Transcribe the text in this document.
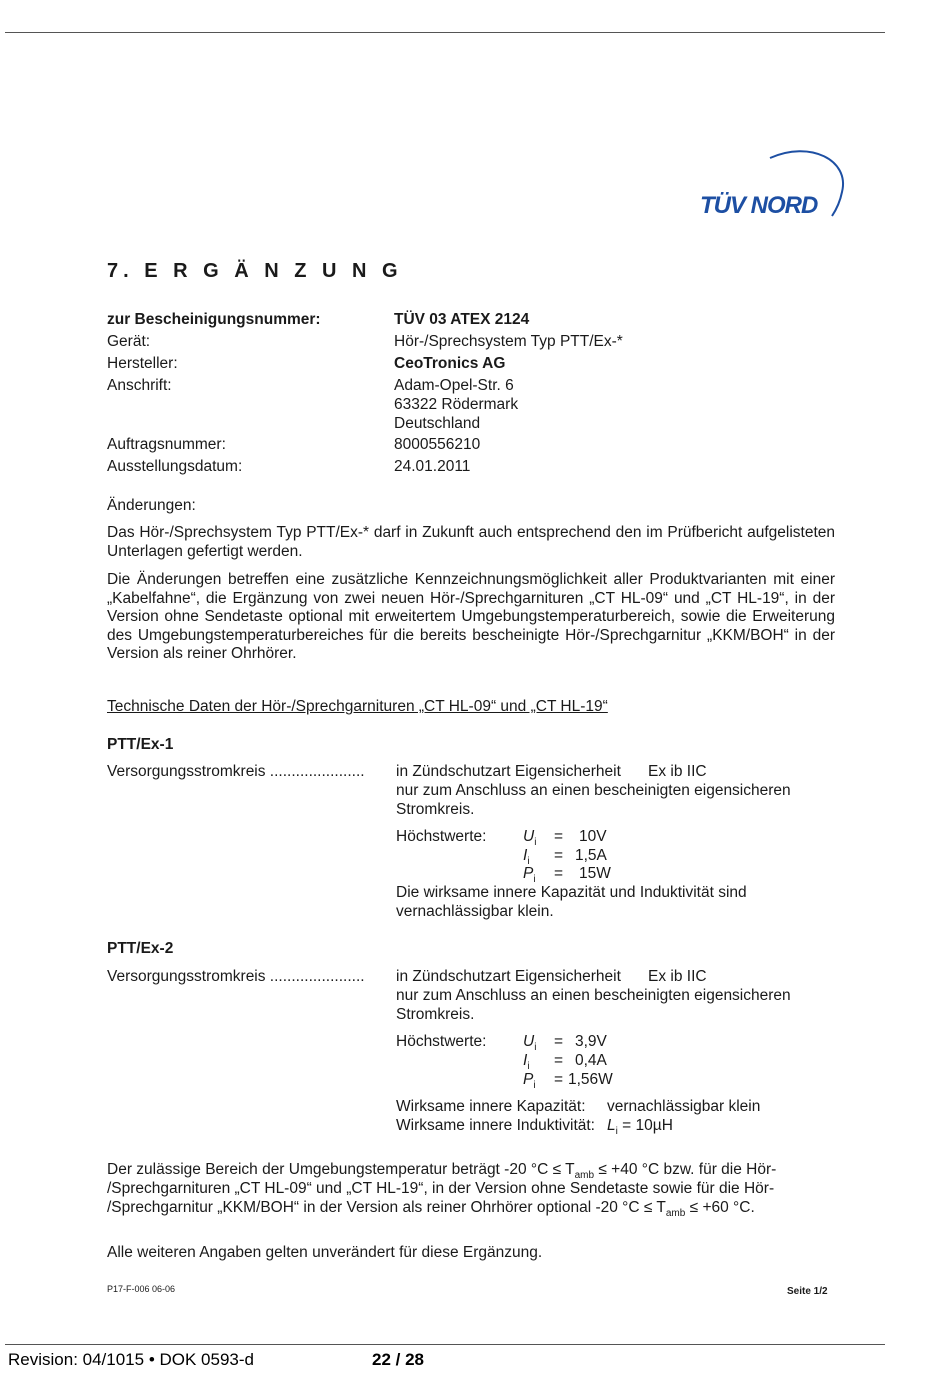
TÜV NORD
7. E R G Ä N Z U N G
zur Bescheinigungsnummer:	TÜV 03 ATEX 2124
Gerät:	Hör-/Sprechsystem Typ PTT/Ex-*
Hersteller:	CeoTronics AG
Anschrift:	Adam-Opel-Str. 6
63322 Rödermark
Deutschland
Auftragsnummer:	8000556210
Ausstellungsdatum:	24.01.2011
Änderungen:
Das Hör-/Sprechsystem Typ PTT/Ex-* darf in Zukunft auch entsprechend den im Prüfbericht aufgelisteten Unterlagen gefertigt werden.
Die Änderungen betreffen eine zusätzliche Kennzeichnungsmöglichkeit aller Produktvarianten mit einer „Kabelfahne“, die Ergänzung von zwei neuen Hör-/Sprechgarnituren „CT HL-09“ und „CT HL-19“, in der Version ohne Sendetaste optional mit erweitertem Umgebungstemperaturbereich, sowie die Erweiterung des Umgebungstemperaturbereiches für die bereits bescheinigte Hör-/Sprechgarnitur „KKM/BOH“ in der Version als reiner Ohrhörer.
Technische Daten der Hör-/Sprechgarnituren „CT HL-09“ und „CT HL-19“
PTT/Ex-1
Versorgungsstromkreis ...................... in Zündschutzart Eigensicherheit Ex ib IIC
nur zum Anschluss an einen bescheinigten eigensicheren
Stromkreis.
Höchstwerte: $U_i = 10V$
$I_i = 1,5A$
$P_i = 15W$
Die wirksame innere Kapazität und Induktivität sind
vernachlässigbar klein.
PTT/Ex-2
Versorgungsstromkreis ...................... in Zündschutzart Eigensicherheit Ex ib IIC
nur zum Anschluss an einen bescheinigten eigensicheren
Stromkreis.
Höchstwerte: $U_i = 3,9V$
$I_i = 0,4A$
$P_i = 1,56W$
Wirksame innere Kapazität: vernachlässigbar klein
Wirksame innere Induktivität: $L_i = 10\mu H$
Der zulässige Bereich der Umgebungstemperatur beträgt -20 $^\circ C \le T_{amb} \le +40$ °C bzw. für die Hör-
/Sprechgarnituren „CT HL-09“ und „CT HL-19“, in der Version ohne Sendetaste sowie für die Hör-
/Sprechgarnitur „KKM/BOH“ in der Version als reiner Ohrhörer optional -20 $^\circ C \le T_{amb} \le +60$ °C.
Alle weiteren Angaben gelten unverändert für diese Ergänzung.
P17-F-006 06-06	Seite 1/2
Revision: 04/1015 • DOK 0593-d	22 / 28
